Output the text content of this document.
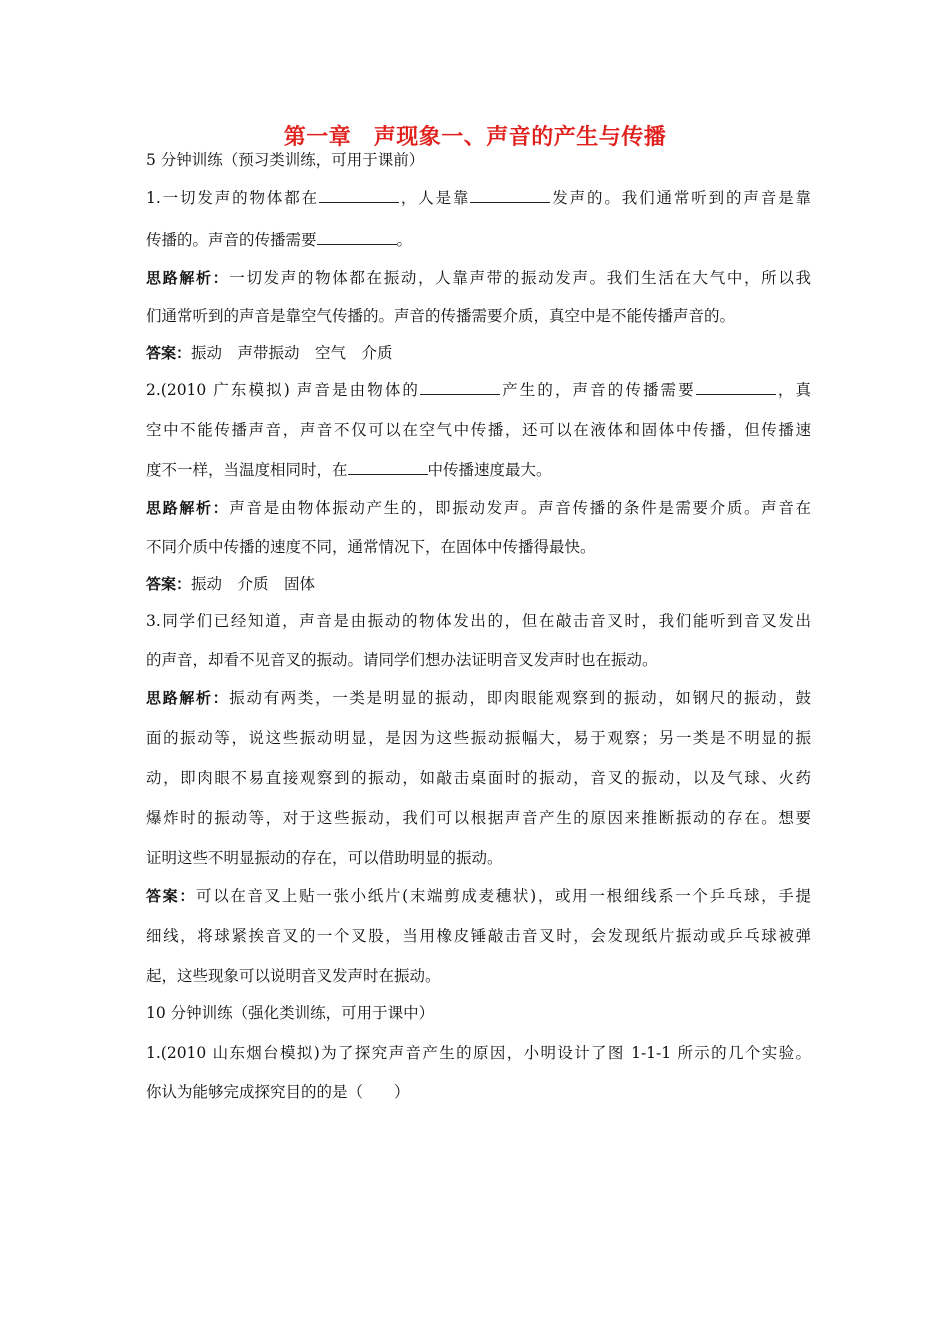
第一章　声现象一、声音的产生与传播
5 分钟训练（预习类训练，可用于课前）
1.一切发声的物体都在	，人是靠	发声的。我们通常听到的声音是靠
传播的。声音的传播需要	。
思路解析：一切发声的物体都在振动，人靠声带的振动发声。我们生活在大气中，所以我
们通常听到的声音是靠空气传播的。声音的传播需要介质，真空中是不能传播声音的。
答案：振动　声带振动　空气　介质
2.(2010 广东模拟) 声音是由物体的	产生的，声音的传播需要	，真
空中不能传播声音，声音不仅可以在空气中传播，还可以在液体和固体中传播，但传播速
度不一样，当温度相同时，在	中传播速度最大。
思路解析：声音是由物体振动产生的，即振动发声。声音传播的条件是需要介质。声音在
不同介质中传播的速度不同，通常情况下，在固体中传播得最快。
答案：振动　介质　固体
3.同学们已经知道，声音是由振动的物体发出的，但在敲击音叉时，我们能听到音叉发出
的声音，却看不见音叉的振动。请同学们想办法证明音叉发声时也在振动。
思路解析：振动有两类，一类是明显的振动，即肉眼能观察到的振动，如钢尺的振动，鼓
面的振动等，说这些振动明显，是因为这些振动振幅大，易于观察；另一类是不明显的振
动，即肉眼不易直接观察到的振动，如敲击桌面时的振动，音叉的振动，以及气球、火药
爆炸时的振动等，对于这些振动，我们可以根据声音产生的原因来推断振动的存在。想要
证明这些不明显振动的存在，可以借助明显的振动。
答案：可以在音叉上贴一张小纸片(末端剪成麦穗状)，或用一根细线系一个乒乓球，手提
细线，将球紧挨音叉的一个叉股，当用橡皮锤敲击音叉时，会发现纸片振动或乒乓球被弹
起，这些现象可以说明音叉发声时在振动。
10 分钟训练（强化类训练，可用于课中）
1.(2010 山东烟台模拟)为了探究声音产生的原因，小明设计了图 1-1-1 所示的几个实验。
你认为能够完成探究目的的是（　　）
